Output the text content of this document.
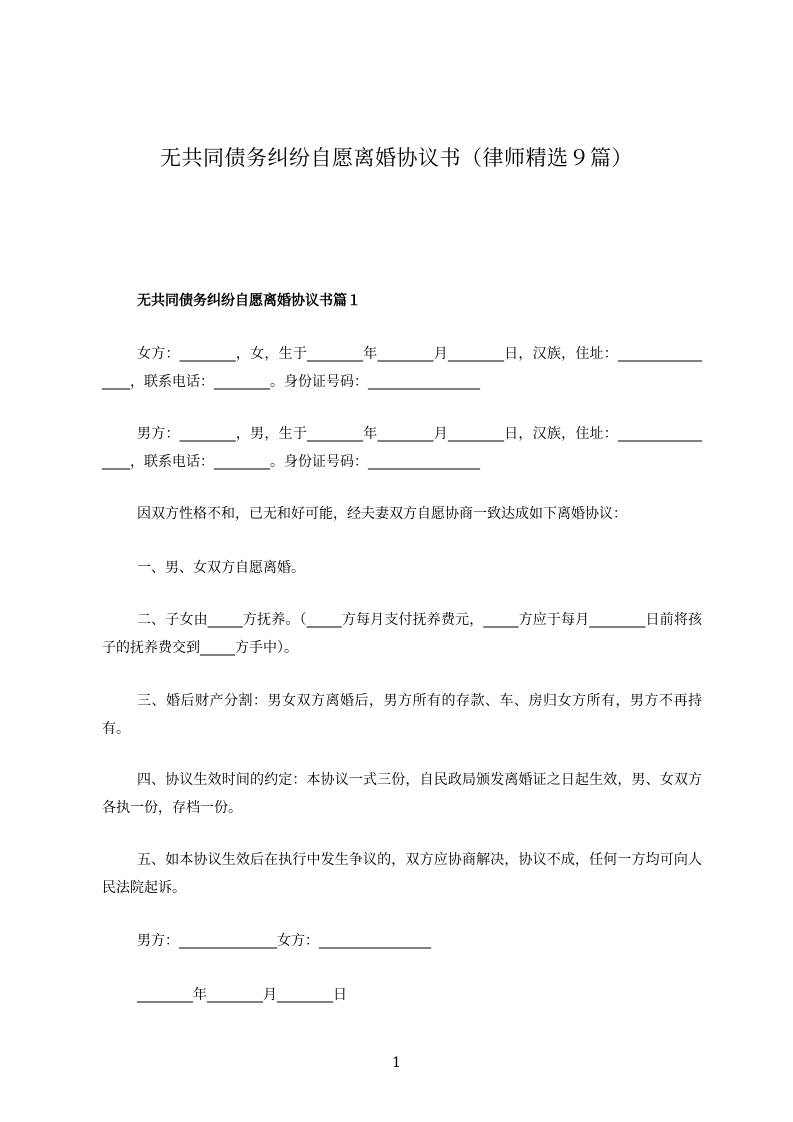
无共同债务纠纷自愿离婚协议书（律师精选９篇）
无共同债务纠纷自愿离婚协议书篇１
女方：________，女，生于________年________月________日，汉族，住址：________________，联系电话：________。身份证号码：________________
男方：________，男，生于________年________月________日，汉族，住址：________________，联系电话：________。身份证号码：________________
因双方性格不和，已无和好可能，经夫妻双方自愿协商一致达成如下离婚协议：
一、男、女双方自愿离婚。
二、子女由_____方抚养。（_____方每月支付抚养费元，_____方应于每月________日前将孩子的抚养费交到_____方手中）。
三、婚后财产分割：男女双方离婚后，男方所有的存款、车、房归女方所有，男方不再持有。
四、协议生效时间的约定：本协议一式三份，自民政局颁发离婚证之日起生效，男、女双方各执一份，存档一份。
五、如本协议生效后在执行中发生争议的，双方应协商解决，协议不成，任何一方均可向人民法院起诉。
男方：______________女方：________________
________年________月________日
1
